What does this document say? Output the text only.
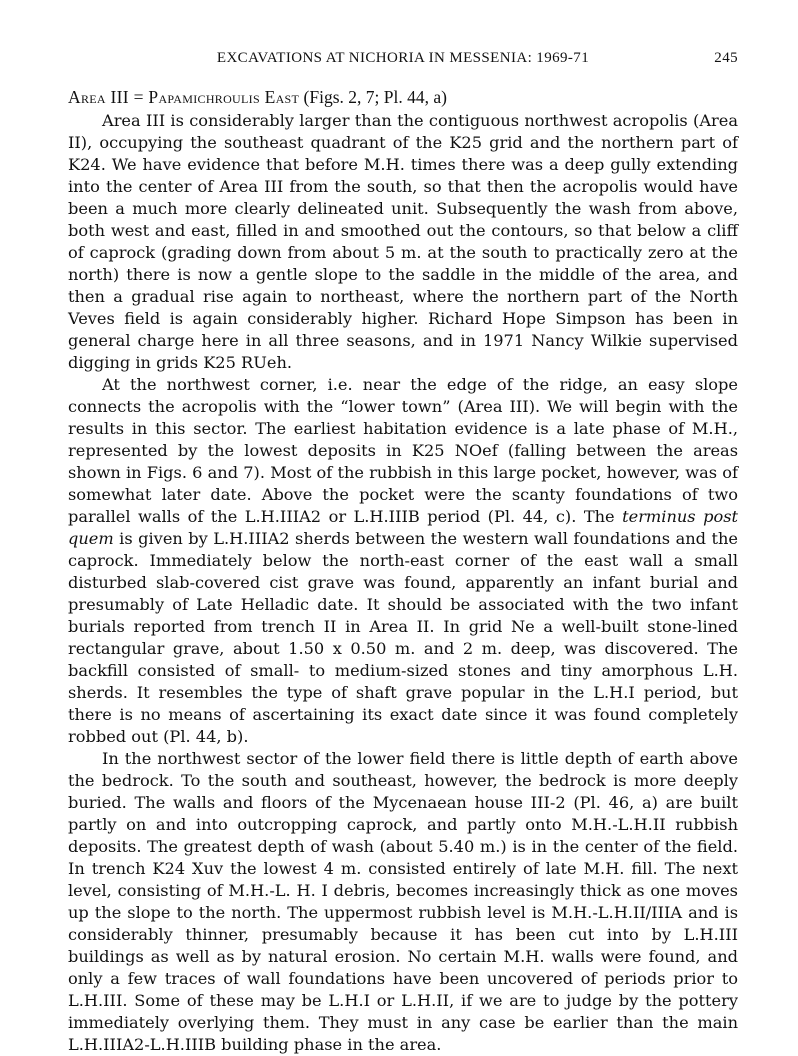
EXCAVATIONS AT NICHORIA IN MESSENIA: 1969-71	245
Area III = Papamichroulis East (Figs. 2, 7; Pl. 44, a)

Area III is considerably larger than the contiguous northwest acropolis (Area II), occupying the southeast quadrant of the K25 grid and the northern part of K24. We have evidence that before M.H. times there was a deep gully extending into the center of Area III from the south, so that then the acropolis would have been a much more clearly delineated unit. Subsequently the wash from above, both west and east, filled in and smoothed out the contours, so that below a cliff of caprock (grading down from about 5 m. at the south to practically zero at the north) there is now a gentle slope to the saddle in the middle of the area, and then a gradual rise again to northeast, where the northern part of the North Veves field is again considerably higher. Richard Hope Simpson has been in general charge here in all three seasons, and in 1971 Nancy Wilkie supervised digging in grids K25 RUeh.

At the northwest corner, i.e. near the edge of the ridge, an easy slope connects the acropolis with the “lower town” (Area III). We will begin with the results in this sector. The earliest habitation evidence is a late phase of M.H., represented by the lowest deposits in K25 NOef (falling between the areas shown in Figs. 6 and 7). Most of the rubbish in this large pocket, however, was of somewhat later date. Above the pocket were the scanty foundations of two parallel walls of the L.H.IIIA2 or L.H.IIIB period (Pl. 44, c). The terminus post quem is given by L.H.IIIA2 sherds between the western wall foundations and the caprock. Immediately below the north-east corner of the east wall a small disturbed slab-covered cist grave was found, apparently an infant burial and presumably of Late Helladic date. It should be associated with the two infant burials reported from trench II in Area II. In grid Ne a well-built stone-lined rectangular grave, about 1.50 x 0.50 m. and 2 m. deep, was discovered. The backfill consisted of small- to medium-sized stones and tiny amorphous L.H. sherds. It resembles the type of shaft grave popular in the L.H.I period, but there is no means of ascertaining its exact date since it was found completely robbed out (Pl. 44, b).

In the northwest sector of the lower field there is little depth of earth above the bedrock. To the south and southeast, however, the bedrock is more deeply buried. The walls and floors of the Mycenaean house III-2 (Pl. 46, a) are built partly on and into outcropping caprock, and partly onto M.H.-L.H.II rubbish deposits. The greatest depth of wash (about 5.40 m.) is in the center of the field. In trench K24 Xuv the lowest 4 m. consisted entirely of late M.H. fill. The next level, consisting of M.H.-L. H. I debris, becomes increasingly thick as one moves up the slope to the north. The uppermost rubbish level is M.H.-L.H.II/IIIA and is considerably thinner, presumably because it has been cut into by L.H.III buildings as well as by natural erosion. No certain M.H. walls were found, and only a few traces of wall foundations have been uncovered of periods prior to L.H.III. Some of these may be L.H.I or L.H.II, if we are to judge by the pottery immediately overlying them. They must in any case be earlier than the main L.H.IIIA2-L.H.IIIB building phase in the area.
